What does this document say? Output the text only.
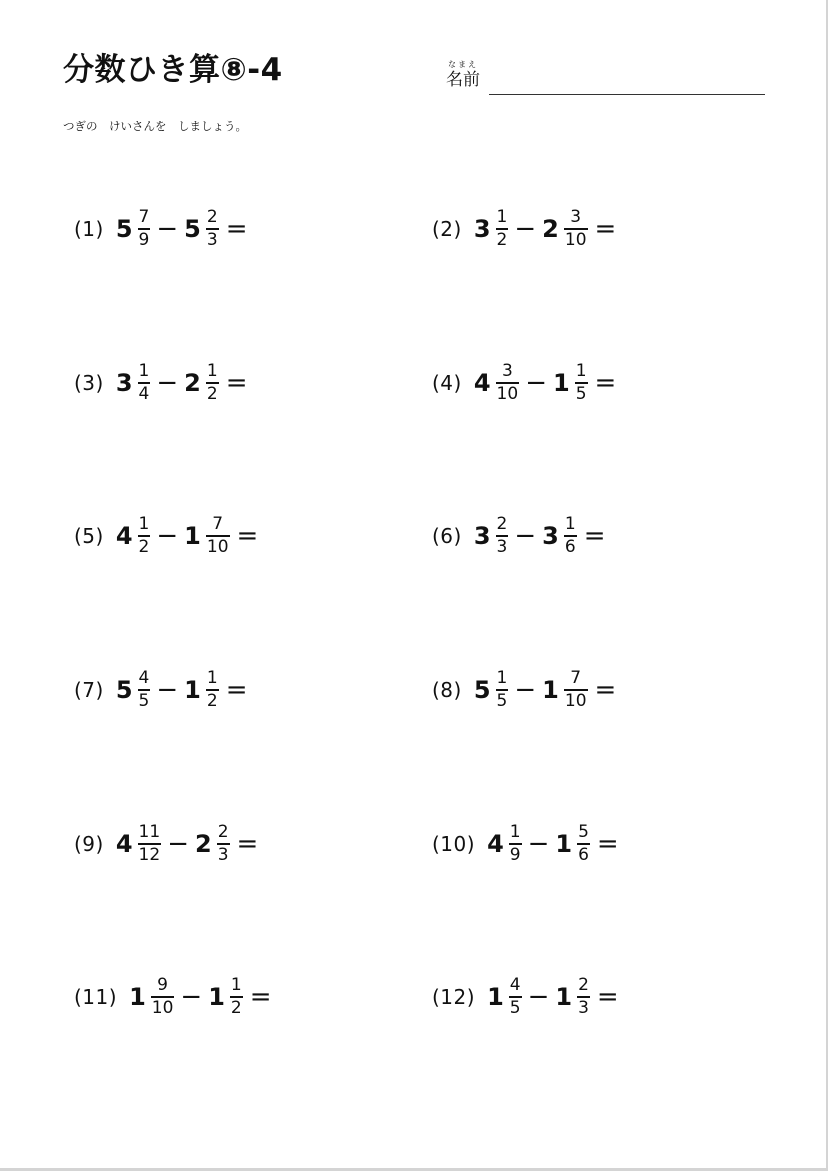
分数ひき算⑧-4	なまえ
名前
つぎの　けいさんを　しましょう。
(1) $5 \frac{7}{9} - 5 \frac{2}{3}$ =	(2) $3 \frac{1}{2} - 2 \frac{3}{10}$ =
(3) $3 \frac{1}{4} - 2 \frac{1}{2}$ =	(4) $4 \frac{3}{10} - 1 \frac{1}{5}$ =
(5) $4 \frac{1}{2} - 1 \frac{7}{10}$ =	(6) $3 \frac{2}{3} - 3 \frac{1}{6}$ =
(7) $5 \frac{4}{5} - 1 \frac{1}{2}$ =	(8) $5 \frac{1}{5} - 1 \frac{7}{10}$ =
(9) $4 \frac{11}{12} - 2 \frac{2}{3}$ =	(10) $4 \frac{1}{9} - 1 \frac{5}{6}$ =
(11) $1 \frac{9}{10} - 1 \frac{1}{2}$ =	(12) $1 \frac{4}{5} - 1 \frac{2}{3}$ =
